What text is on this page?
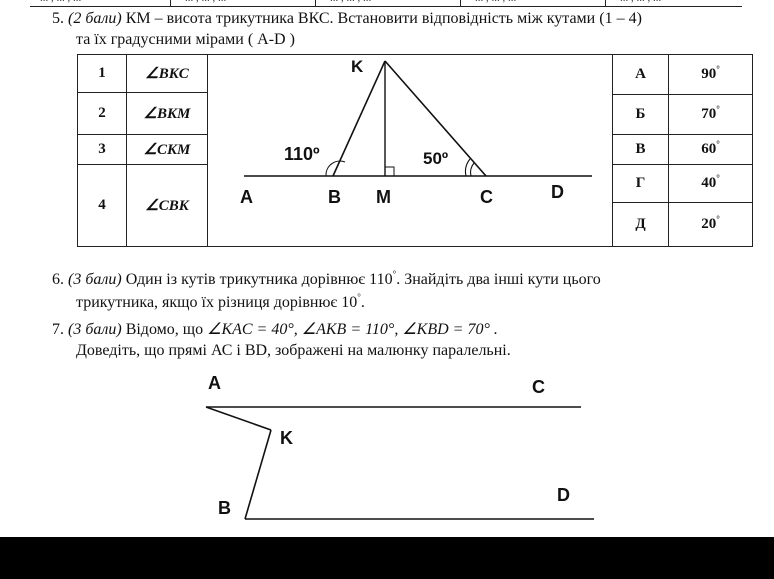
5. (2 бали) КМ – висота трикутника ВКС. Встановити відповідність між кутами (1 – 4)
та їх градусними мірами ( А-D )
1	∠BKC
2	∠BKM
3	∠CKM
4	∠CBK
А	90°
Б	70°
В	60°
Г	40°
Д	20°
K
A	B M	C	D
110º	50º
6. (3 бали) Один із кутів трикутника дорівнює 110°. Знайдіть два інші кути цього
трикутника, якщо їх різниця дорівнює 10°.
7. (3 бали) Відомо, що ∠KAC = 40°, ∠AKB = 110°, ∠KBD = 70° .
Доведіть, що прямі АС і BD, зображені на малюнку паралельні.
A	C
K
B
D
